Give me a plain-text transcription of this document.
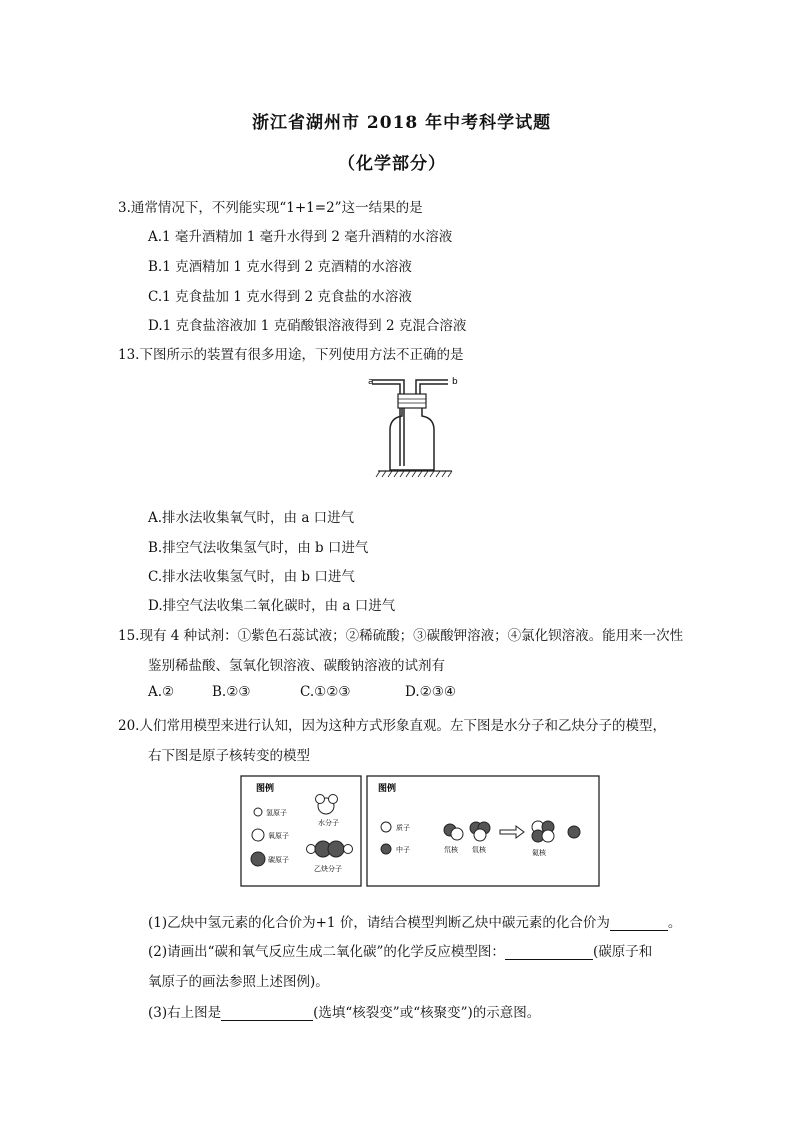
浙江省湖州市 2018 年中考科学试题
（化学部分）
3.通常情况下，不列能实现“1+1=2”这一结果的是
A.1 毫升酒精加 1 毫升水得到 2 毫升酒精的水溶液
B.1 克酒精加 1 克水得到 2 克酒精的水溶液
C.1 克食盐加 1 克水得到 2 克食盐的水溶液
D.1 克食盐溶液加 1 克硝酸银溶液得到 2 克混合溶液
13.下图所示的装置有很多用途，下列使用方法不正确的是
a	b
A.排水法收集氧气时，由 a 口进气
B.排空气法收集氢气时，由 b 口进气
C.排水法收集氢气时，由 b 口进气
D.排空气法收集二氧化碳时，由 a 口进气
15.现有 4 种试剂：①紫色石蕊试液；②稀硫酸；③碳酸钾溶液；④氯化钡溶液。能用来一次性
鉴别稀盐酸、氢氧化钡溶液、碳酸钠溶液的试剂有
A.②	B.②③	C.①②③	D.②③④
20.人们常用模型来进行认知，因为这种方式形象直观。左下图是水分子和乙炔分子的模型，
右下图是原子核转变的模型
图例
氢原子
氧原子
碳原子
水分子
乙炔分子
图例
质子
中子	氘核 氚核	氦核
(1)乙炔中氢元素的化合价为+1 价，请结合模型判断乙炔中碳元素的化合价为	。
(2)请画出“碳和氧气反应生成二氧化碳”的化学反应模型图：	(碳原子和
氧原子的画法参照上述图例)。
(3)右上图是	(选填“核裂变”或“核聚变”)的示意图。
